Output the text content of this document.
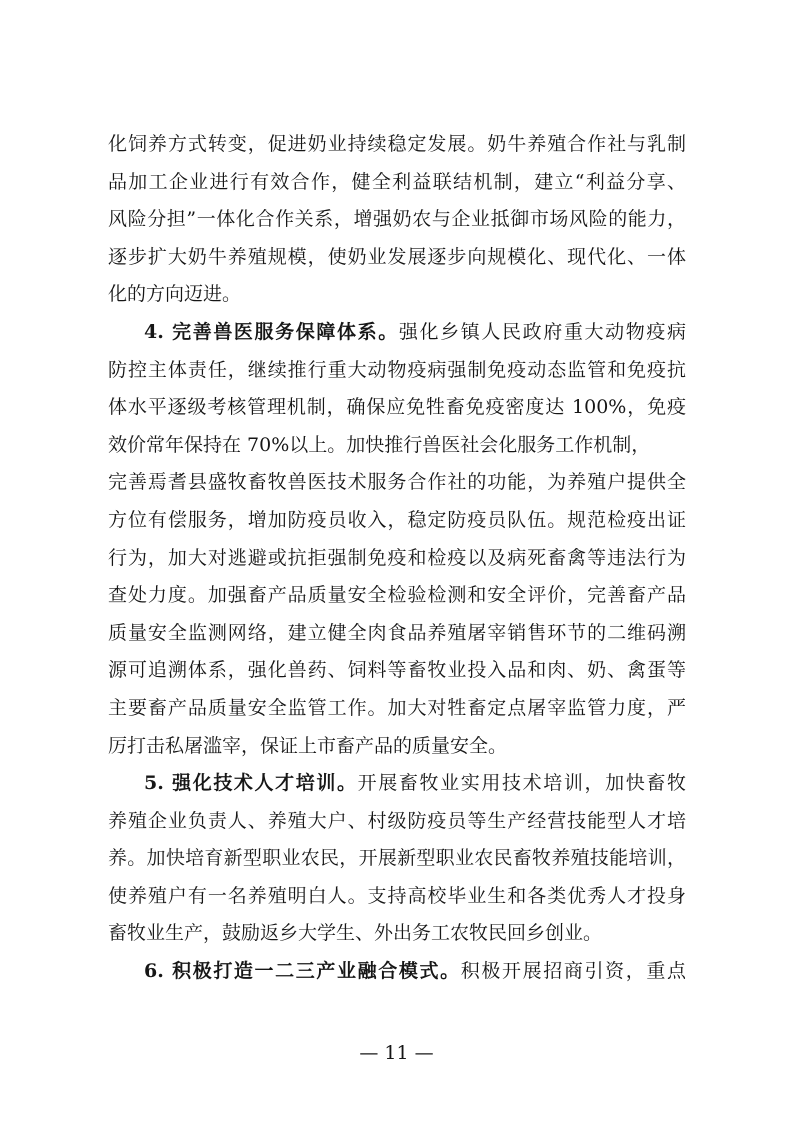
化饲养方式转变，促进奶业持续稳定发展。奶牛养殖合作社与乳制
品加工企业进行有效合作，健全利益联结机制，建立“利益分享、
风险分担”一体化合作关系，增强奶农与企业抵御市场风险的能力，
逐步扩大奶牛养殖规模，使奶业发展逐步向规模化、现代化、一体
化的方向迈进。
4. 完善兽医服务保障体系。强化乡镇人民政府重大动物疫病
防控主体责任，继续推行重大动物疫病强制免疫动态监管和免疫抗
体水平逐级考核管理机制，确保应免牲畜免疫密度达 100%，免疫
效价常年保持在 70%以上。加快推行兽医社会化服务工作机制，
完善焉耆县盛牧畜牧兽医技术服务合作社的功能，为养殖户提供全
方位有偿服务，增加防疫员收入，稳定防疫员队伍。规范检疫出证
行为，加大对逃避或抗拒强制免疫和检疫以及病死畜禽等违法行为
查处力度。加强畜产品质量安全检验检测和安全评价，完善畜产品
质量安全监测网络，建立健全肉食品养殖屠宰销售环节的二维码溯
源可追溯体系，强化兽药、饲料等畜牧业投入品和肉、奶、禽蛋等
主要畜产品质量安全监管工作。加大对牲畜定点屠宰监管力度，严
厉打击私屠滥宰，保证上市畜产品的质量安全。
5. 强化技术人才培训。开展畜牧业实用技术培训，加快畜牧
养殖企业负责人、养殖大户、村级防疫员等生产经营技能型人才培
养。加快培育新型职业农民，开展新型职业农民畜牧养殖技能培训，
使养殖户有一名养殖明白人。支持高校毕业生和各类优秀人才投身
畜牧业生产，鼓励返乡大学生、外出务工农牧民回乡创业。
6. 积极打造一二三产业融合模式。积极开展招商引资，重点
— 11 —
